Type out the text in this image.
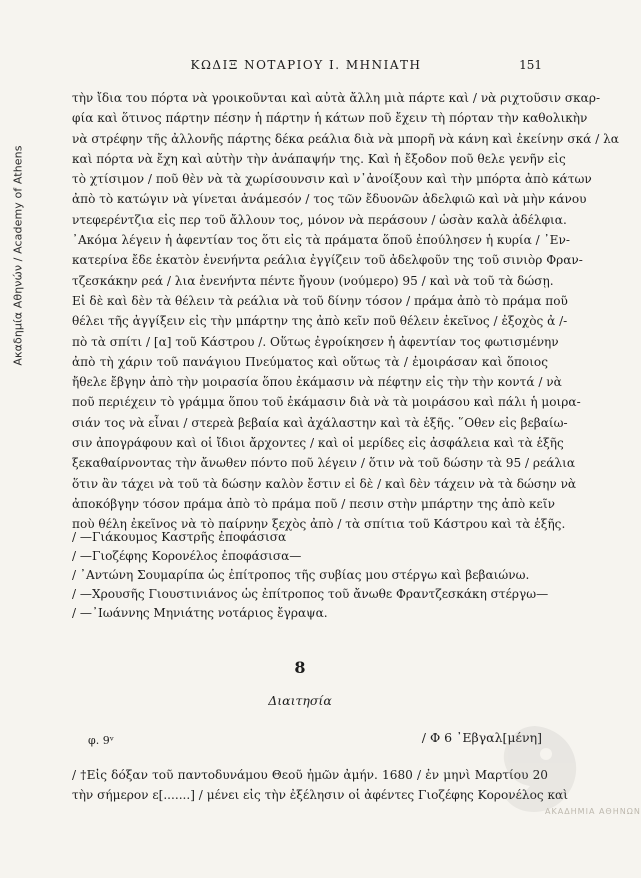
Ακαδημία Αθηνών / Academy of Athens
ΚΩΔΙΞ ΝΟΤΑΡΙΟΥ Ι. ΜΗΝΙΑΤΗ	151
τὴν ἴδια του πόρτα νὰ γροικοῦνται καὶ αὐτὰ ἄλλη μιὰ πάρτε καὶ / νὰ ριχτοῦσιν σκαρ-
φία καὶ ὅτινος πάρτην πέσην ἡ πάρτην ἡ κάτων ποῦ ἔχειν τὴ πόρταν τὴν καθολικὴν
νὰ στρέφην τῆς ἀλλονῆς πάρτης δέκα ρεάλια διὰ νὰ μπορῆ νὰ κάνη καὶ ἐκείνην σκά / λα
καὶ πόρτα νὰ ἔχη καὶ αὐτὴν τὴν ἀνάπαψήν της. Καὶ ἡ ἔξοδον ποῦ θελε γενῆν εἰς
τὸ χτίσιμον / ποῦ θὲν νὰ τὰ χωρίσουνσιν καὶ ν᾽ἀνοίξουν καὶ τὴν μπόρτα ἀπὸ κάτων
ἀπὸ τὸ κατώγιν νὰ γίνεται ἀνάμεσόν / τος τῶν ἔδυονῶν ἀδελφιῶ καὶ νὰ μὴν κάνου
ντεφερέντζια εἰς περ τοῦ ἄλλουν τος, μόνον νὰ περάσουν / ὡσὰν καλὰ ἀδέλφια.
᾽Ακόμα λέγειν ἡ ἀφεντίαν τος ὅτι εἰς τὰ πράματα ὅποῦ ἐπούλησεν ἡ κυρία / ᾽Εν-
κατερίνα ἔδε ἑκατὸν ἐνενήντα ρεάλια ἐγγίζειν τοῦ ἀδελφοῦν της τοῦ σινιὸρ Φραν-
τζεσκάκην ρεά / λια ἐνενήντα πέντε ἤγουν (νούμερο) 95 / καὶ νὰ τοῦ τὰ δώσῃ.
Εἰ δὲ καὶ δὲν τὰ θέλειν τὰ ρεάλια νὰ τοῦ δίνην τόσον / πράμα ἀπὸ τὸ πράμα ποῦ
θέλει τῆς ἀγγίξειν εἰς τὴν μπάρτην της ἀπὸ κεῖν ποῦ θέλειν ἐκεῖνος / ἐξοχὸς ἀ /-
πὸ τὰ σπίτι / [α] τοῦ Κάστρου /. Οὕτως ἐγροίκησεν ἡ ἀφεντίαν τος φωτισμένην
ἀπὸ τὴ χάριν τοῦ πανάγιου Πνεύματος καὶ οὕτως τὰ / ἐμοιράσαν καὶ ὅποιος
ἤθελε ἔβγην ἀπὸ τὴν μοιρασία ὅπου ἐκάμασιν νὰ πέφτην εἰς τὴν τὴν κοντά / νὰ
ποῦ περιέχειν τὸ γράμμα ὅπου τοῦ ἐκάμασιν διὰ νὰ τὰ μοιράσου καὶ πάλι ἡ μοιρα-
σιάν τος νὰ εἶναι / στερεὰ βεβαία καὶ ἀχάλαστην καὶ τὰ ἑξῆς. ῞Οθεν εἰς βεβαίω-
σιν ἀπογράφουν καὶ οἱ ἴδιοι ἄρχοντες / καὶ οἱ μερίδες εἰς ἀσφάλεια καὶ τὰ ἑξῆς
ξεκαθαίρνοντας τὴν ἄνωθεν πόντο ποῦ λέγειν / ὅτιν νὰ τοῦ δώσην τὰ 95 / ρεάλια
ὅτιν ἂν τάχει νὰ τοῦ τὰ δώσην καλὸν ἔστιν εἰ δὲ / καὶ δὲν τάχειν νὰ τὰ δώσην νὰ
ἀποκόβγην τόσον πράμα ἀπὸ τὸ πράμα ποῦ / πεσιν στὴν μπάρτην της ἀπὸ κεῖν
ποὺ θέλη ἐκεῖνος νὰ τὸ παίρνην ξεχὸς ἀπὸ / τὰ σπίτια τοῦ Κάστρου καὶ τὰ ἑξῆς.
/ —Γιάκουμος Καστρῆς ἐποφάσισα
/ —Γιοζέφης Κορονέλος ἐποφάσισα—
/ ᾽Αντώνη Σουμαρίπα ὡς ἐπίτροπος τῆς συβίας μου στέργω καὶ βεβαιώνω.
/ —Χρουσῆς Γιουστινιάνος ὡς ἐπίτροπος τοῦ ἄνωθε Φραντζεσκάκη στέργω—
/ —᾽Ιωάννης Μηνιάτης νοτάριος ἔγραψα.
8
Διαιτησία
φ. 9ᵛ	/ Φ 6 ᾽Εβγαλ[μένη]
/ †Εἰς δόξαν τοῦ παντοδυνάμου Θεοῦ ἡμῶν ἀμήν. 1680 / ἐν μηνὶ Μαρτίου 20
τὴν σήμερον ε[.......] / μένει εἰς τὴν ἐξέλησιν οἱ ἀφέντες Γιοζέφης Κορονέλος καὶ
ΑΚΑΔΗΜΙΑ ΑΘΗΝΩΝ
